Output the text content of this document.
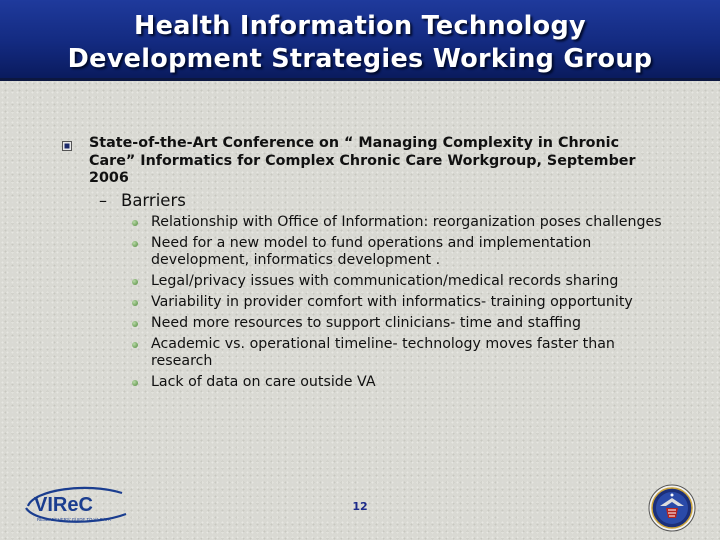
Health Information Technology
Development Strategies Working Group
State-of-the-Art Conference on “ Managing Complexity in Chronic Care” Informatics for Complex Chronic Care Workgroup, September 2006
– Barriers
Relationship with Office of Information: reorganization poses challenges
Need for a new model to fund operations and implementation development, informatics development .
Legal/privacy issues with communication/medical records sharing
Variability in provider comfort with informatics- training opportunity
Need more resources to support clinicians- time and staffing
Academic vs. operational timeline- technology moves faster than research
Lack of data on care outside VA
VIReC
RESEARCHERS' GUIDE TO VA DATA
12
